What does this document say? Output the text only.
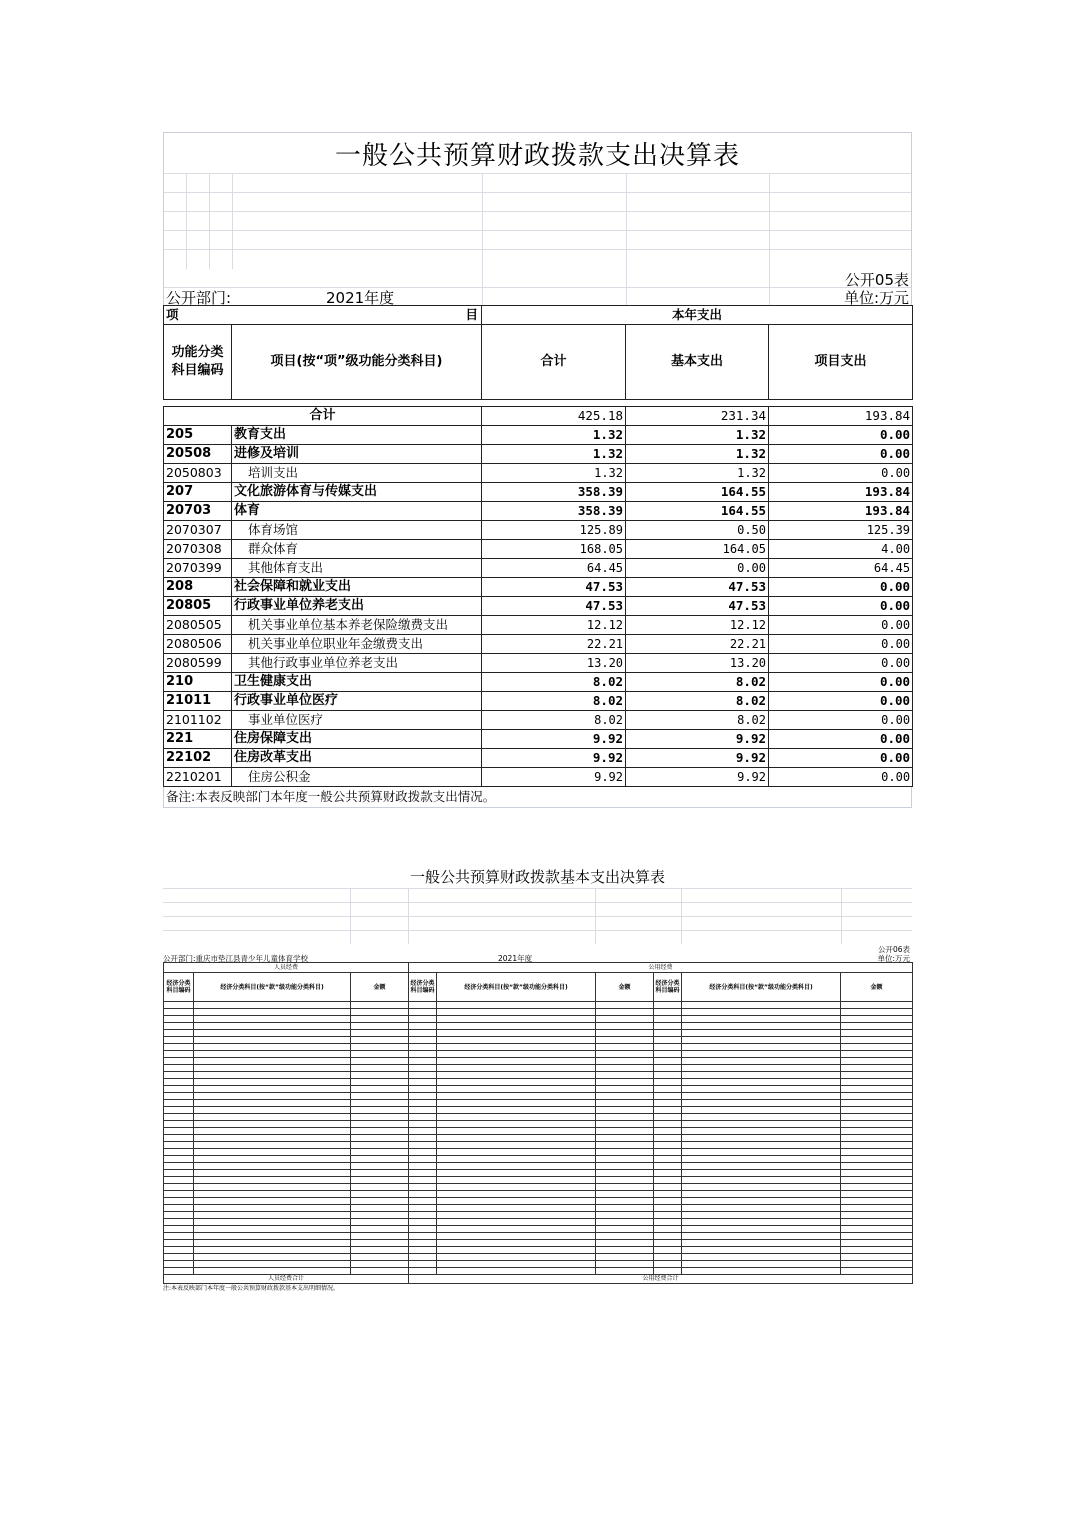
一般公共预算财政拨款支出决算表
公开05表
公开部门:	2021年度	单位:万元
项 目		本年支出		
功能分类科目编码	项目(按“项”级功能分类科目)	合计	基本支出	项目支出

合计		425.18	231.34	193.84
205	教育支出	1.32	1.32	0.00
20508	进修及培训	1.32	1.32	0.00
2050803	培训支出	1.32	1.32	0.00
207	文化旅游体育与传媒支出	358.39	164.55	193.84
20703	体育	358.39	164.55	193.84
2070307	体育场馆	125.89	0.50	125.39
2070308	群众体育	168.05	164.05	4.00
2070399	其他体育支出	64.45	0.00	64.45
208	社会保障和就业支出	47.53	47.53	0.00
20805	行政事业单位养老支出	47.53	47.53	0.00
2080505	机关事业单位基本养老保险缴费支出	12.12	12.12	0.00
2080506	机关事业单位职业年金缴费支出	22.21	22.21	0.00
2080599	其他行政事业单位养老支出	13.20	13.20	0.00
210	卫生健康支出	8.02	8.02	0.00
21011	行政事业单位医疗	8.02	8.02	0.00
2101102	事业单位医疗	8.02	8.02	0.00
221	住房保障支出	9.92	9.92	0.00
22102	住房改革支出	9.92	9.92	0.00
2210201	住房公积金	9.92	9.92	0.00
备注:本表反映部门本年度一般公共预算财政拨款支出情况。
一般公共预算财政拨款基本支出决算表
公开06表
公开部门:重庆市垫江县青少年儿童体育学校	2021年度	单位:万元
人员经费			公用经费					
经济分类科目编码	经济分类科目(按“款”级功能分类科目)	金额	经济分类科目编码	经济分类科目(按“款”级功能分类科目)	金额	经济分类科目编码	经济分类科目(按“款”级功能分类科目)	金额

人员经费合计			公用经费合计					
注:本表反映部门本年度一般公共预算财政拨款基本支出明细情况。
